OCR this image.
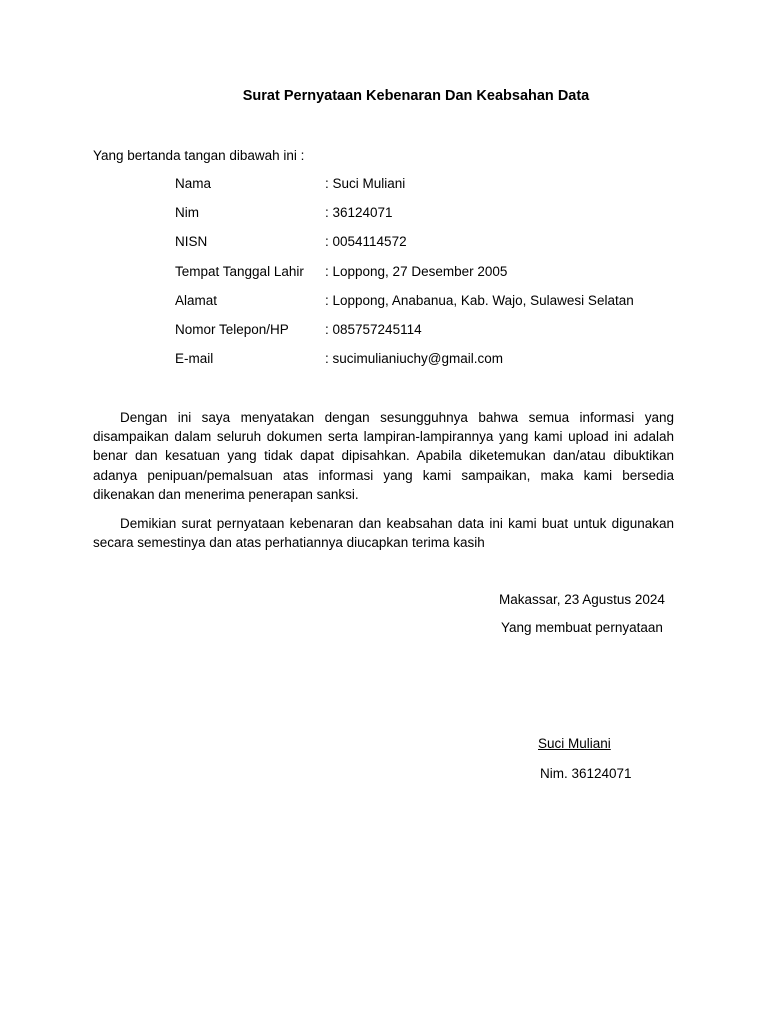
Surat Pernyataan Kebenaran Dan Keabsahan Data
Yang bertanda tangan dibawah ini :
Nama	: Suci Muliani
Nim	: 36124071
NISN	: 0054114572
Tempat Tanggal Lahir : Loppong, 27 Desember 2005
Alamat	: Loppong, Anabanua, Kab. Wajo, Sulawesi Selatan
Nomor Telepon/HP	: 085757245114
E-mail	: sucimulianiuchy@gmail.com

Dengan ini saya menyatakan dengan sesungguhnya bahwa semua informasi yang disampaikan dalam seluruh dokumen serta lampiran-lampirannya yang kami upload ini adalah benar dan kesatuan yang tidak dapat dipisahkan. Apabila diketemukan dan/atau dibuktikan adanya penipuan/pemalsuan atas informasi yang kami sampaikan, maka kami bersedia dikenakan dan menerima penerapan sanksi.

Demikian surat pernyataan kebenaran dan keabsahan data ini kami buat untuk digunakan secara semestinya dan atas perhatiannya diucapkan terima kasih

Makassar, 23 Agustus 2024
Yang membuat pernyataan
Suci Muliani
Nim. 36124071
